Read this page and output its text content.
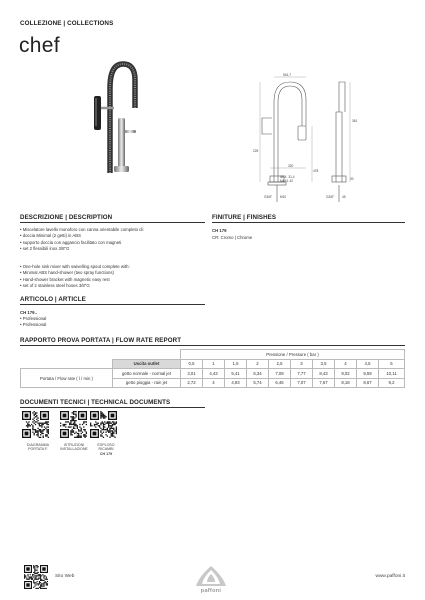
COLLEZIONE | COLLECTIONS
chef
516,7
225
361
478
NEX. 31,4
MAXL 42
320
G3/8"	G3/8"
30
M10	45
DESCRIZIONE | DESCRIPTION
• Miscelatore lavello monoforo con canna orientabile completo di:
• doccia Minimal (2 getti) in ABS
• supporto doccia con aggancio facilitato con magneti
• set 2 flessibili inox 3/8"G
• One-hole sink mixer with swivelling spout complete with:
• Minimal ABS hand-shower (two spray functions)
• Hand-shower bracket with magnetic easy rest
• set of 2 stainless steel hoses 3/8"G
FINITURE | FINISHES
CH 179
CR: Cromo | Chrome
ARTICOLO | ARTICLE
CH 179..
• Professional
• Professional
RAPPORTO PROVA PORTATA | FLOW RATE REPORT
		Pressione / Pressure ( bar )									
	Uscita outlet	0,5	1	1,5	2	2,5	3	3,5	4	4,5	5
Portata / Flow rate ( l / min )	getto normale - normal jet	3,01	4,43	5,41	6,34	7,09	7,77	8,43	9,02	9,59	10,11
	getto pioggia - rain jet	2,72	4	4,93	5,74	6,46	7,07	7,67	8,18	8,67	9,2
DOCUMENTI TECNICI | TECHNICAL DOCUMENTS
DIAGRAMMA
PORTATA F.
ISTRUZIONI
INSTALLAZIONE
ESPLOSO
RICAMBI
CH 179
Sito Web
paffoni
www.paffoni.it
